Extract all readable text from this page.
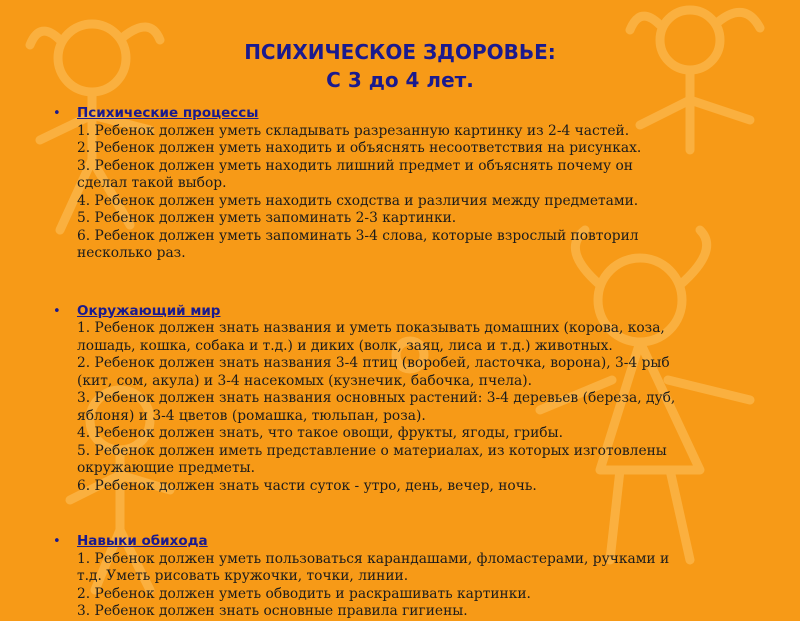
ПСИХИЧЕСКОЕ ЗДОРОВЬЕ:
С 3 до 4 лет.
• Психические процессы
1. Ребенок должен уметь складывать разрезанную картинку из 2-4 частей.
2. Ребенок должен уметь находить и объяснять несоответствия на рисунках.
3. Ребенок должен уметь находить лишний предмет и объяснять почему он
сделал такой выбор.
4. Ребенок должен уметь находить сходства и различия между предметами.
5. Ребенок должен уметь запоминать 2-3 картинки.
6. Ребенок должен уметь запоминать 3-4 слова, которые взрослый повторил
несколько раз.
• Окружающий мир
1. Ребенок должен знать названия и уметь показывать домашних (корова, коза,
лошадь, кошка, собака и т.д.) и диких (волк, заяц, лиса и т.д.) животных.
2. Ребенок должен знать названия 3-4 птиц (воробей, ласточка, ворона), 3-4 рыб
(кит, сом, акула) и 3-4 насекомых (кузнечик, бабочка, пчела).
3. Ребенок должен знать названия основных растений: 3-4 деревьев (береза, дуб,
яблоня) и 3-4 цветов (ромашка, тюльпан, роза).
4. Ребенок должен знать, что такое овощи, фрукты, ягоды, грибы.
5. Ребенок должен иметь представление о материалах, из которых изготовлены
окружающие предметы.
6. Ребенок должен знать части суток - утро, день, вечер, ночь.
• Навыки обихода
1. Ребенок должен уметь пользоваться карандашами, фломастерами, ручками и
т.д. Уметь рисовать кружочки, точки, линии.
2. Ребенок должен уметь обводить и раскрашивать картинки.
3. Ребенок должен знать основные правила гигиены.
